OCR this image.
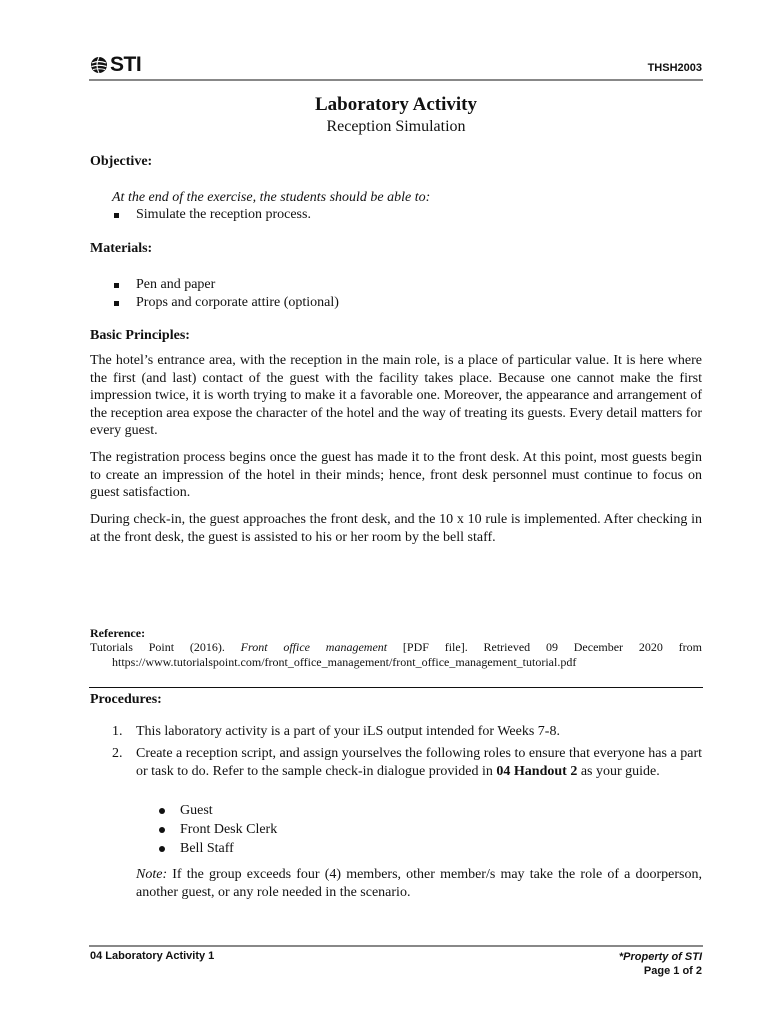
STI	THSH2003
Laboratory Activity
Reception Simulation
Objective:
At the end of the exercise, the students should be able to:
Simulate the reception process.
Materials:
Pen and paper
Props and corporate attire (optional)
Basic Principles:
The hotel’s entrance area, with the reception in the main role, is a place of particular value. It is here where the first (and last) contact of the guest with the facility takes place. Because one cannot make the first impression twice, it is worth trying to make it a favorable one. Moreover, the appearance and arrangement of the reception area expose the character of the hotel and the way of treating its guests. Every detail matters for every guest.
The registration process begins once the guest has made it to the front desk. At this point, most guests begin to create an impression of the hotel in their minds; hence, front desk personnel must continue to focus on guest satisfaction.
During check-in, the guest approaches the front desk, and the 10 x 10 rule is implemented. After checking in at the front desk, the guest is assisted to his or her room by the bell staff.
Reference:
Tutorials Point (2016). Front office management [PDF file]. Retrieved 09 December 2020 from
https://www.tutorialspoint.com/front_office_management/front_office_management_tutorial.pdf
Procedures:
1. This laboratory activity is a part of your iLS output intended for Weeks 7-8.
2. Create a reception script, and assign yourselves the following roles to ensure that everyone has a part or task to do. Refer to the sample check-in dialogue provided in 04 Handout 2 as your guide.
Guest
Front Desk Clerk
Bell Staff
Note: If the group exceeds four (4) members, other member/s may take the role of a doorperson, another guest, or any role needed in the scenario.
04 Laboratory Activity 1	*Property of STI
Page 1 of 2
